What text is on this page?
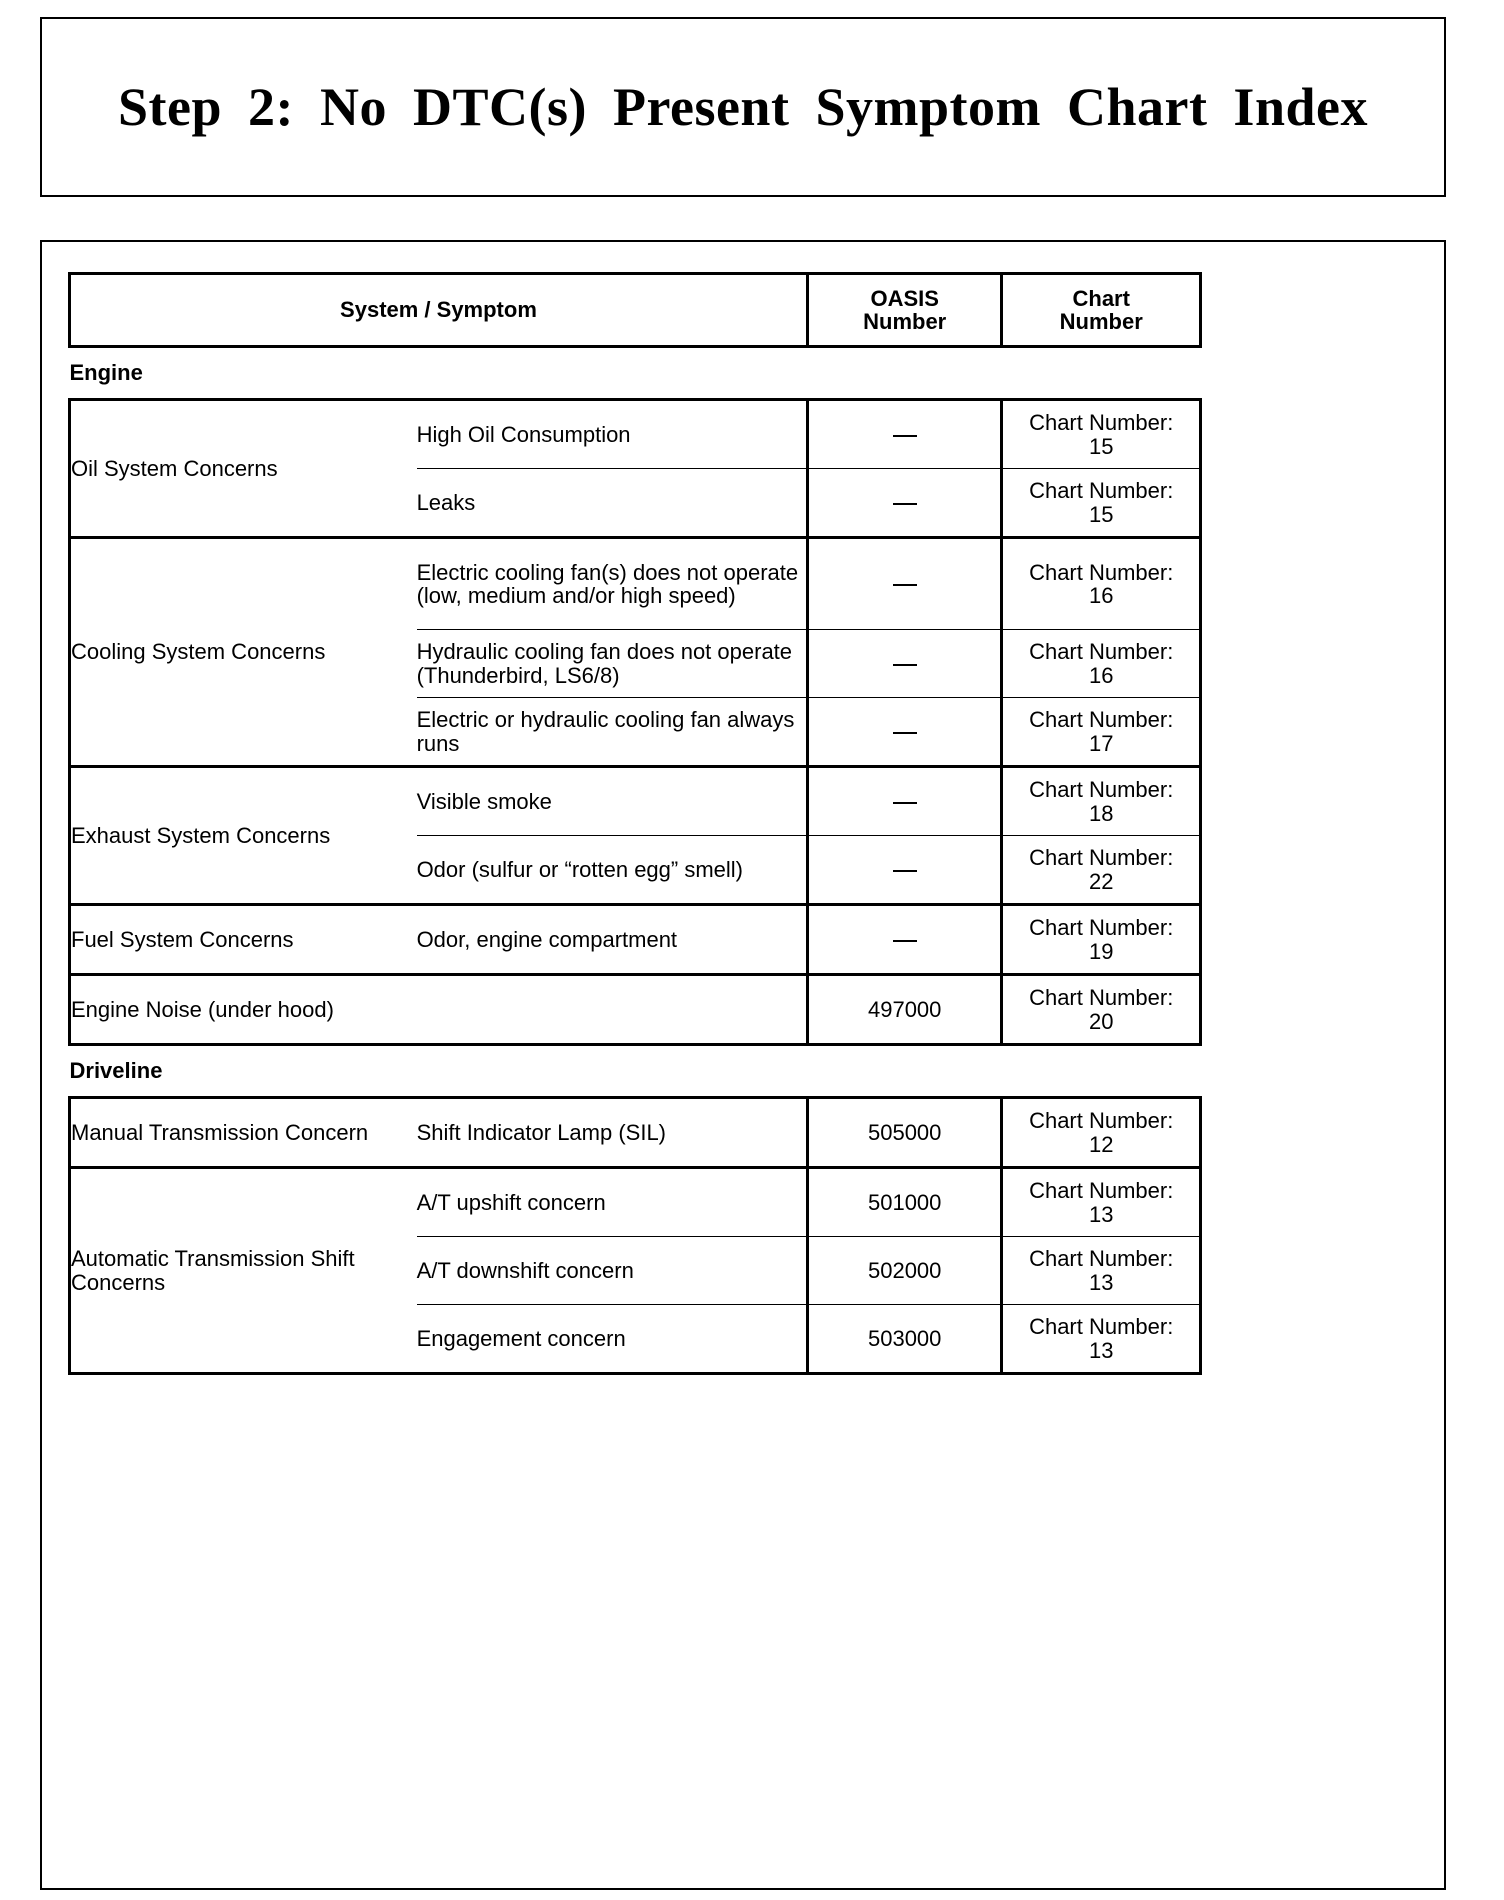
Step 2: No DTC(s) Present Symptom Chart Index
System / Symptom		OASIS
Number	Chart
Number
Engine			
Oil System Concerns	High Oil Consumption		Chart Number:
15
	Leaks		Chart Number:
15
Cooling System Concerns	Electric cooling fan(s) does not operate (low, medium and/or high speed)		Chart Number:
16
	Hydraulic cooling fan does not operate (Thunderbird, LS6/8)		Chart Number:
16
	Electric or hydraulic cooling fan always runs		Chart Number:
17
Exhaust System Concerns	Visible smoke		Chart Number:
18
	Odor (sulfur or “rotten egg” smell)		Chart Number:
22
Fuel System Concerns	Odor, engine compartment		Chart Number:
19
Engine Noise (under hood)		497000	Chart Number:
20
Driveline			
Manual Transmission Concern	Shift Indicator Lamp (SIL)	505000	Chart Number:
12
Automatic Transmission Shift Concerns	A/T upshift concern	501000	Chart Number:
13
	A/T downshift concern	502000	Chart Number:
13
	Engagement concern	503000	Chart Number:
13
